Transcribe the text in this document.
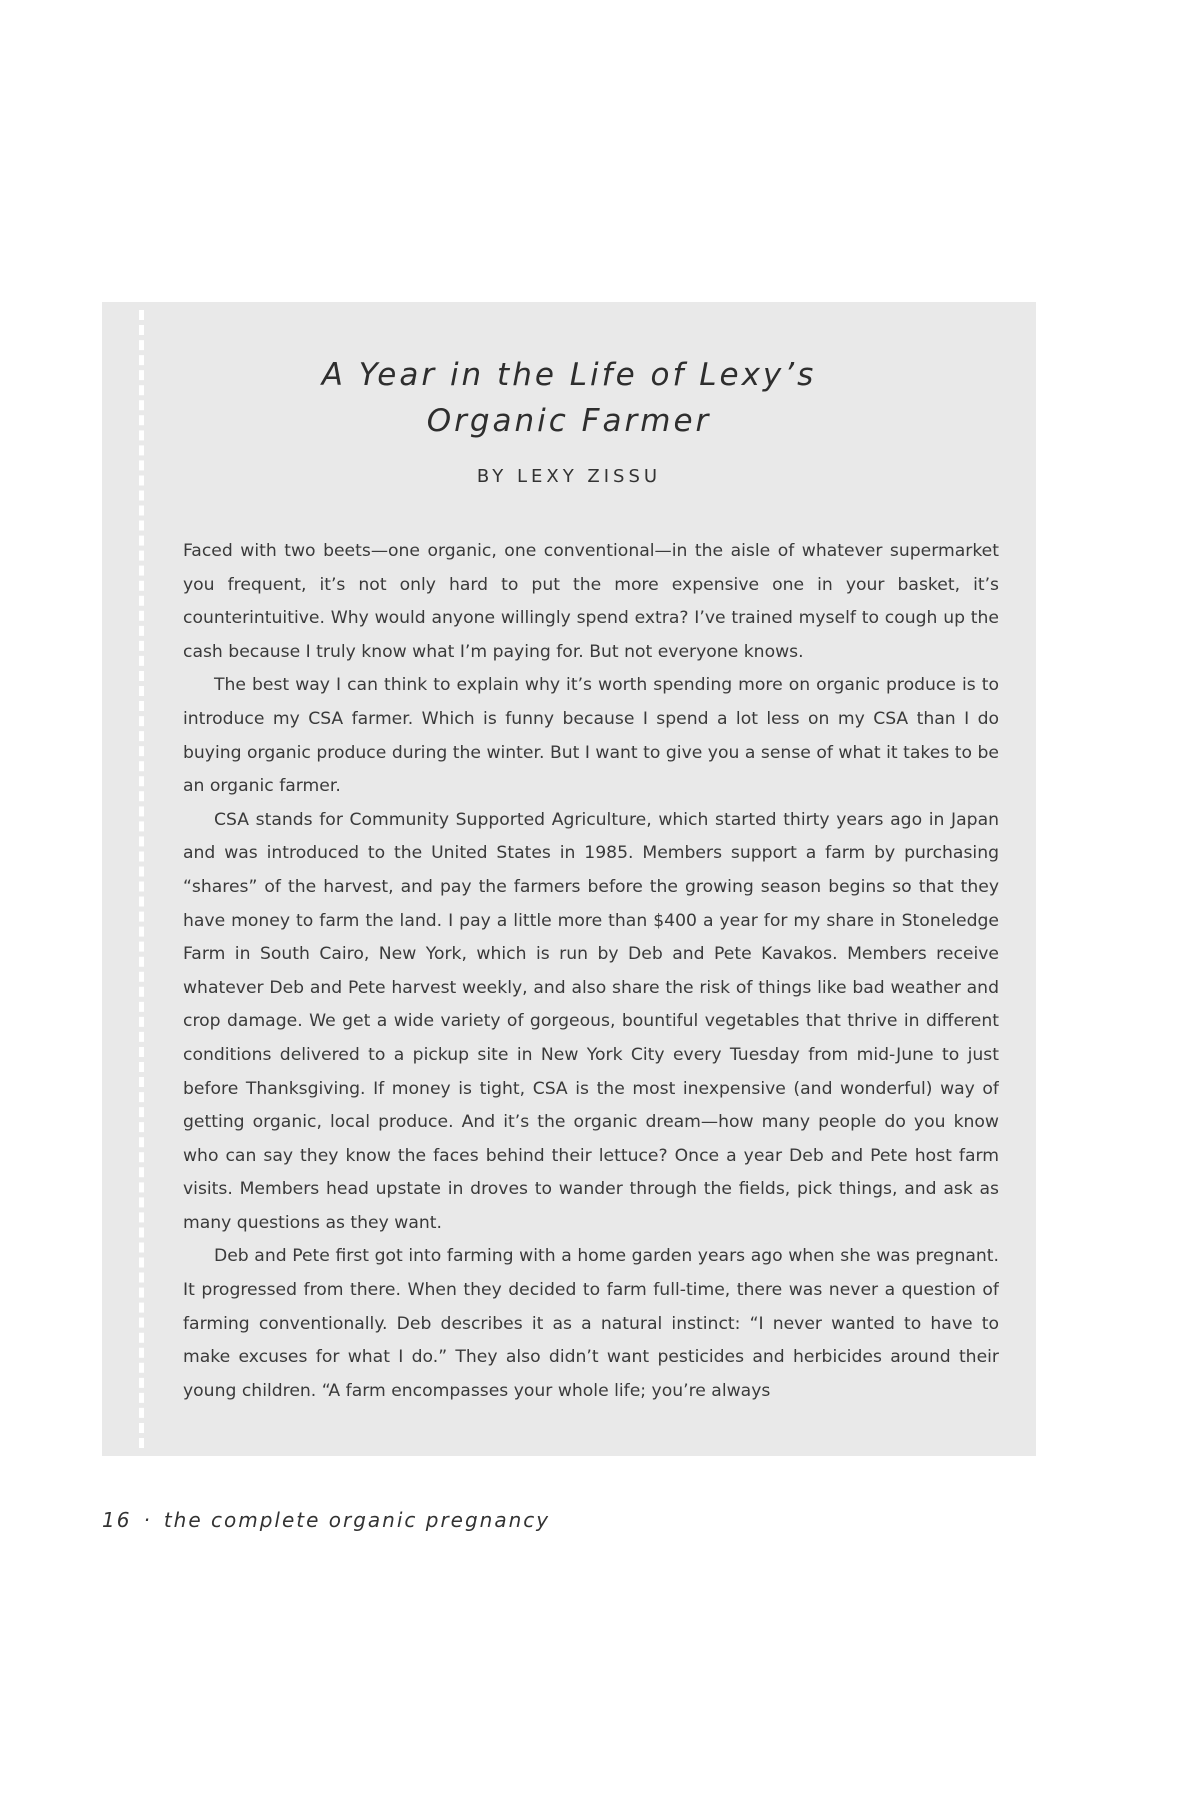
A Year in the Life of Lexy’s
Organic Farmer
BY LEXY ZISSU

Faced with two beets—one organic, one conventional—in the aisle of whatever supermarket you frequent, it’s not only hard to put the more expensive one in your basket, it’s counterintuitive. Why would anyone willingly spend extra? I’ve trained myself to cough up the cash because I truly know what I’m paying for. But not everyone knows.

The best way I can think to explain why it’s worth spending more on organic produce is to introduce my CSA farmer. Which is funny because I spend a lot less on my CSA than I do buying organic produce during the winter. But I want to give you a sense of what it takes to be an organic farmer.

CSA stands for Community Supported Agriculture, which started thirty years ago in Japan and was introduced to the United States in 1985. Members support a farm by purchasing “shares” of the harvest, and pay the farmers before the growing season begins so that they have money to farm the land. I pay a little more than $400 a year for my share in Stoneledge Farm in South Cairo, New York, which is run by Deb and Pete Kavakos. Members receive whatever Deb and Pete harvest weekly, and also share the risk of things like bad weather and crop damage. We get a wide variety of gorgeous, bountiful vegetables that thrive in different conditions delivered to a pickup site in New York City every Tuesday from mid-June to just before Thanksgiving. If money is tight, CSA is the most inexpensive (and wonderful) way of getting organic, local produce. And it’s the organic dream—how many people do you know who can say they know the faces behind their lettuce? Once a year Deb and Pete host farm visits. Members head upstate in droves to wander through the fields, pick things, and ask as many questions as they want.

Deb and Pete first got into farming with a home garden years ago when she was pregnant. It progressed from there. When they decided to farm full-time, there was never a question of farming conventionally. Deb describes it as a natural instinct: “I never wanted to have to make excuses for what I do.” They also didn’t want pesticides and herbicides around their young children. “A farm encompasses your whole life; you’re always

16 · the complete organic pregnancy
